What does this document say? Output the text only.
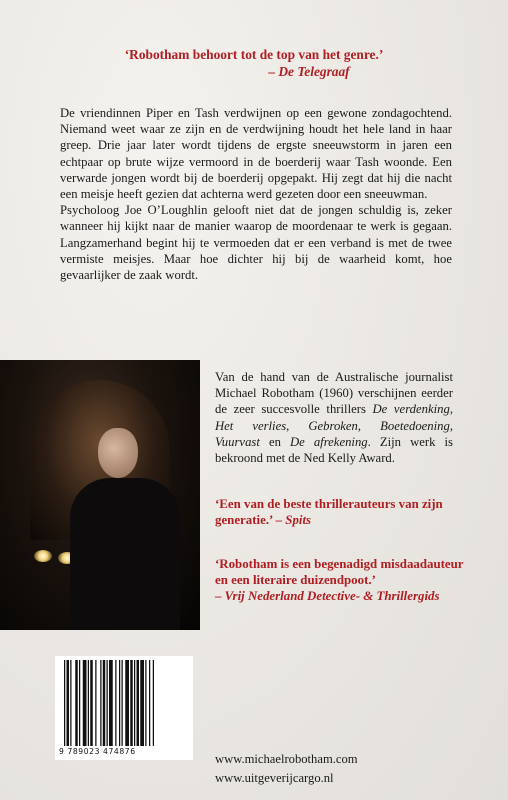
‘Robotham behoort tot de top van het genre.’
– De Telegraaf

De vriendinnen Piper en Tash verdwijnen op een gewone zondagochtend. Niemand weet waar ze zijn en de verdwijning houdt het hele land in haar greep. Drie jaar later wordt tijdens de ergste sneeuwstorm in jaren een echtpaar op brute wijze vermoord in de boerderij waar Tash woonde. Een verwarde jongen wordt bij de boerderij opgepakt. Hij zegt dat hij die nacht een meisje heeft gezien dat achterna werd gezeten door een sneeuwman.

Psycholoog Joe O’Loughlin gelooft niet dat de jongen schuldig is, zeker wanneer hij kijkt naar de manier waarop de moordenaar te werk is gegaan. Langzamerhand begint hij te vermoeden dat er een verband is met de twee vermiste meisjes. Maar hoe dichter hij bij de waarheid komt, hoe gevaarlijker de zaak wordt.

Van de hand van de Australische journalist Michael Robotham (1960) verschijnen eerder de zeer succesvolle thrillers De verdenking, Het verlies, Gebroken, Boetedoening, Vuurvast en De afrekening. Zijn werk is bekroond met de Ned Kelly Award.
‘Een van de beste thrillerauteurs van zijn generatie.’ – Spits
‘Robotham is een begenadigd misdaadauteur en een literaire duizendpoot.’
– Vrij Nederland Detective- & Thrillergids
9 789023 474876
www.michaelrobotham.com
www.uitgeverijcargo.nl
